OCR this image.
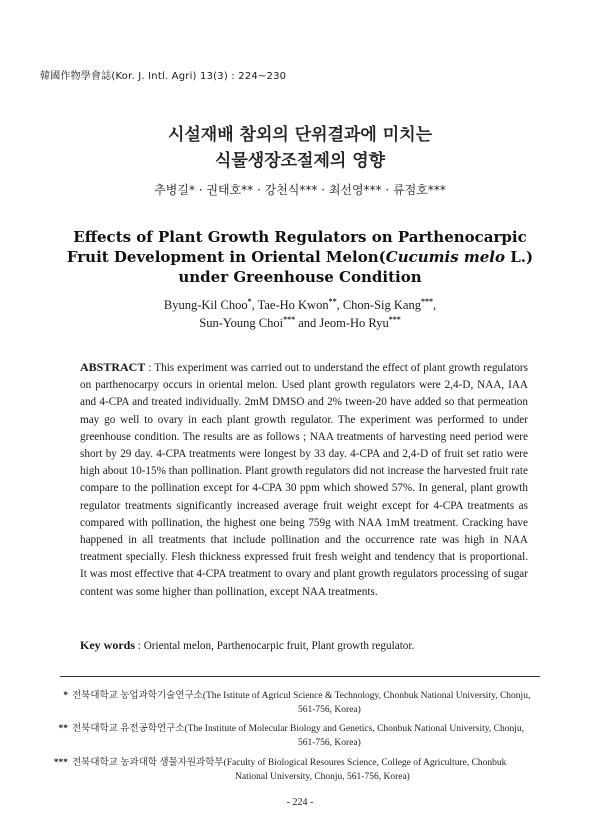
韓國作物學會誌(Kor. J. Intl. Agri) 13(3) : 224~230
시설재배 참외의 단위결과에 미치는
식물생장조절제의 영향
추병길* · 권태호** · 강천식*** · 최선영*** · 류점호***
Effects of Plant Growth Regulators on Parthenocarpic
Fruit Development in Oriental Melon(Cucumis melo L.)
under Greenhouse Condition
Byung-Kil Choo*, Tae-Ho Kwon**, Chon-Sig Kang***,
Sun-Young Choi*** and Jeom-Ho Ryu***
ABSTRACT : This experiment was carried out to understand the effect of plant growth regulators on parthenocarpy occurs in oriental melon. Used plant growth regulators were 2,4-D, NAA, IAA and 4-CPA and treated individually. 2mM DMSO and 2% tween-20 have added so that permeation may go well to ovary in each plant growth regulator. The experiment was performed to under greenhouse condition. The results are as follows ; NAA treatments of harvesting need period were short by 29 day. 4-CPA treatments were longest by 33 day. 4-CPA and 2,4-D of fruit set ratio were high about 10-15% than pollination. Plant growth regulators did not increase the harvested fruit rate compare to the pollination except for 4-CPA 30 ppm which showed 57%. In general, plant growth regulator treatments significantly increased average fruit weight except for 4-CPA treatments as compared with pollination, the highest one being 759g with NAA 1mM treatment. Cracking have happened in all treatments that include pollination and the occurrence rate was high in NAA treatment specially. Flesh thickness expressed fruit fresh weight and tendency that is proportional. It was most effective that 4-CPA treatment to ovary and plant growth regulators processing of sugar content was some higher than pollination, except NAA treatments.
Key words : Oriental melon, Parthenocarpic fruit, Plant growth regulator.
* 전북대학교 농업과학기술연구소(The Istitute of Agricul Science & Technology, Chonbuk National University, Chonju,
561-756, Korea)
** 전북대학교 유전공학연구소(The Institute of Molecular Biology and Genetics, Chonbuk National University, Chonju,
561-756, Korea)
*** 전북대학교 농과대학 생물자원과학부(Faculty of Biological Resoures Science, College of Agriculture, Chonbuk
National University, Chonju, 561-756, Korea)
- 224 -
